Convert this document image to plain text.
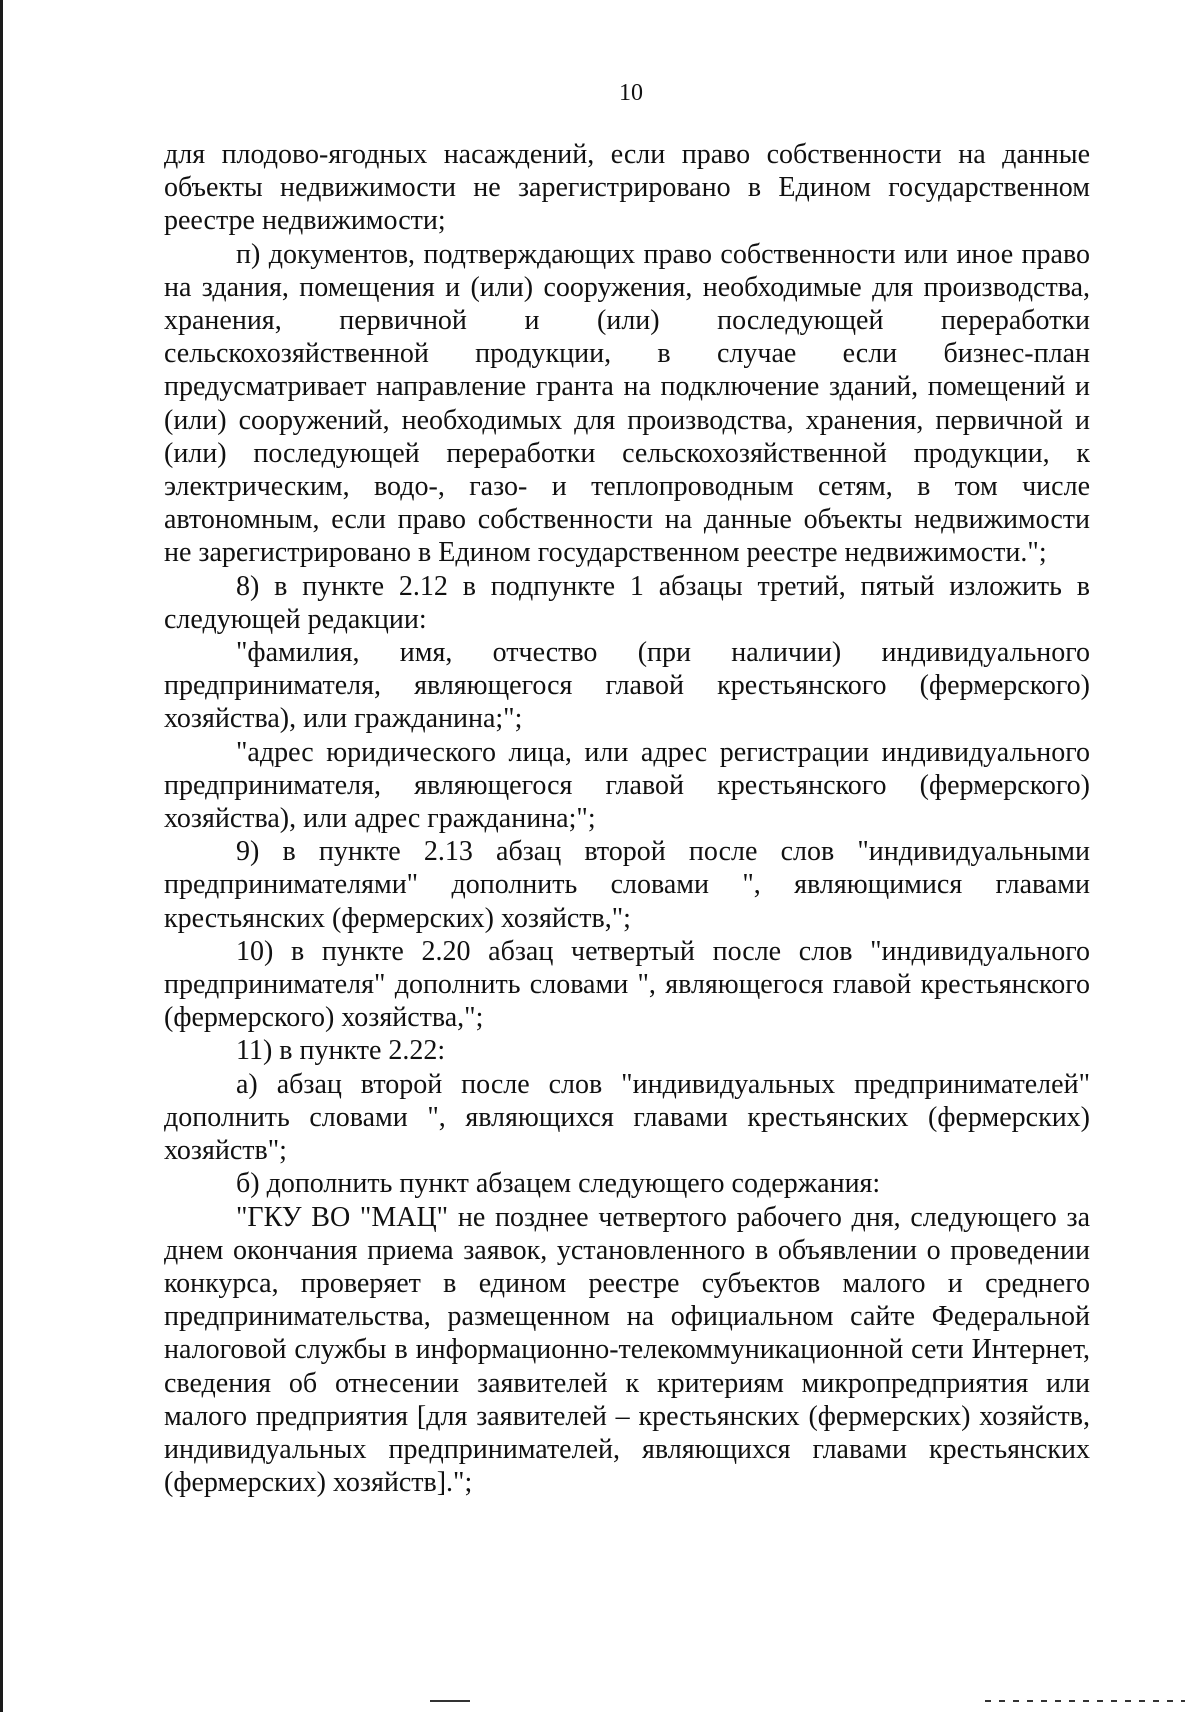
10

для плодово-ягодных насаждений, если право собственности на данные объекты недвижимости не зарегистрировано в Едином государственном реестре недвижимости;

п) документов, подтверждающих право собственности или иное право на здания, помещения и (или) сооружения, необходимые для производства, хранения, первичной и (или) последующей переработки сельскохозяйственной продукции, в случае если бизнес-план предусматривает направление гранта на подключение зданий, помещений и (или) сооружений, необходимых для производства, хранения, первичной и (или) последующей переработки сельскохозяйственной продукции, к электрическим, водо-, газо- и теплопроводным сетям, в том числе автономным, если право собственности на данные объекты недвижимости не зарегистрировано в Едином государственном реестре недвижимости.";

8) в пункте 2.12 в подпункте 1 абзацы третий, пятый изложить в следующей редакции:

"фамилия, имя, отчество (при наличии) индивидуального предпринимателя, являющегося главой крестьянского (фермерского) хозяйства), или гражданина;";

"адрес юридического лица, или адрес регистрации индивидуального предпринимателя, являющегося главой крестьянского (фермерского) хозяйства), или адрес гражданина;";

9) в пункте 2.13 абзац второй после слов "индивидуальными предпринимателями" дополнить словами ", являющимися главами крестьянских (фермерских) хозяйств,";

10) в пункте 2.20 абзац четвертый после слов "индивидуального предпринимателя" дополнить словами ", являющегося главой крестьянского (фермерского) хозяйства,";

11) в пункте 2.22:

а) абзац второй после слов "индивидуальных предпринимателей" дополнить словами ", являющихся главами крестьянских (фермерских) хозяйств";

б) дополнить пункт абзацем следующего содержания:

"ГКУ ВО "МАЦ" не позднее четвертого рабочего дня, следующего за днем окончания приема заявок, установленного в объявлении о проведении конкурса, проверяет в едином реестре субъектов малого и среднего предпринимательства, размещенном на официальном сайте Федеральной налоговой службы в информационно-телекоммуникационной сети Интернет, сведения об отнесении заявителей к критериям микропредприятия или малого предприятия [для заявителей – крестьянских (фермерских) хозяйств, индивидуальных предпринимателей, являющихся главами крестьянских (фермерских) хозяйств].";
